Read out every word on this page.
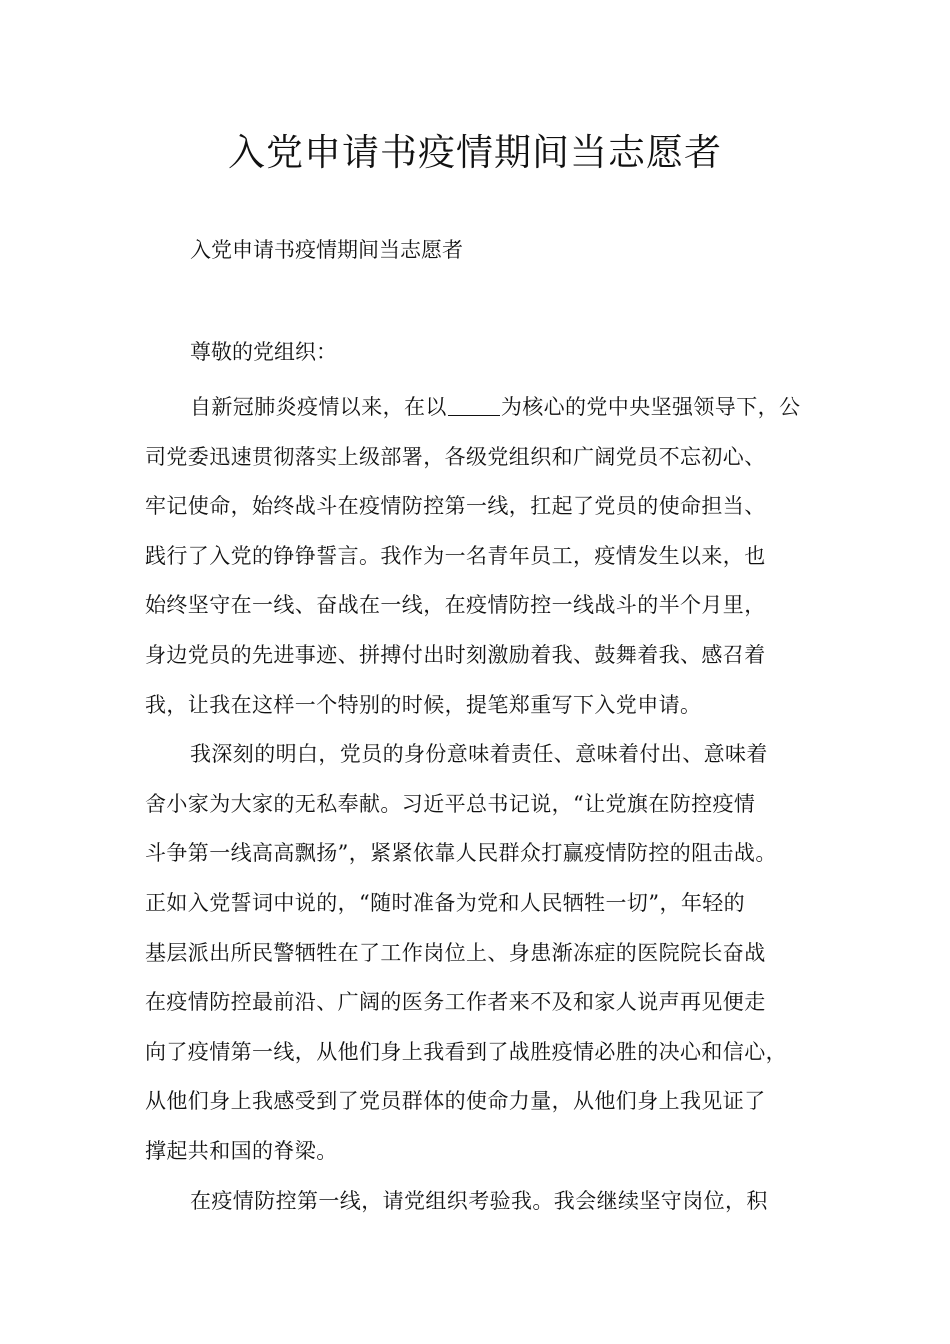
入党申请书疫情期间当志愿者

入党申请书疫情期间当志愿者

尊敬的党组织：

自新冠肺炎疫情以来，在以	为核心的党中央坚强领导下，公
司党委迅速贯彻落实上级部署，各级党组织和广阔党员不忘初心、
牢记使命，始终战斗在疫情防控第一线，扛起了党员的使命担当、
践行了入党的铮铮誓言。我作为一名青年员工，疫情发生以来，也
始终坚守在一线、奋战在一线，在疫情防控一线战斗的半个月里，
身边党员的先进事迹、拼搏付出时刻激励着我、鼓舞着我、感召着
我，让我在这样一个特别的时候，提笔郑重写下入党申请。

我深刻的明白，党员的身份意味着责任、意味着付出、意味着
舍小家为大家的无私奉献。习近平总书记说，“让党旗在防控疫情
斗争第一线高高飘扬”，紧紧依靠人民群众打赢疫情防控的阻击战。
正如入党誓词中说的，“随时准备为党和人民牺牲一切”，年轻的
基层派出所民警牺牲在了工作岗位上、身患渐冻症的医院院长奋战
在疫情防控最前沿、广阔的医务工作者来不及和家人说声再见便走
向了疫情第一线，从他们身上我看到了战胜疫情必胜的决心和信心，
从他们身上我感受到了党员群体的使命力量，从他们身上我见证了
撑起共和国的脊梁。

在疫情防控第一线，请党组织考验我。我会继续坚守岗位，积
